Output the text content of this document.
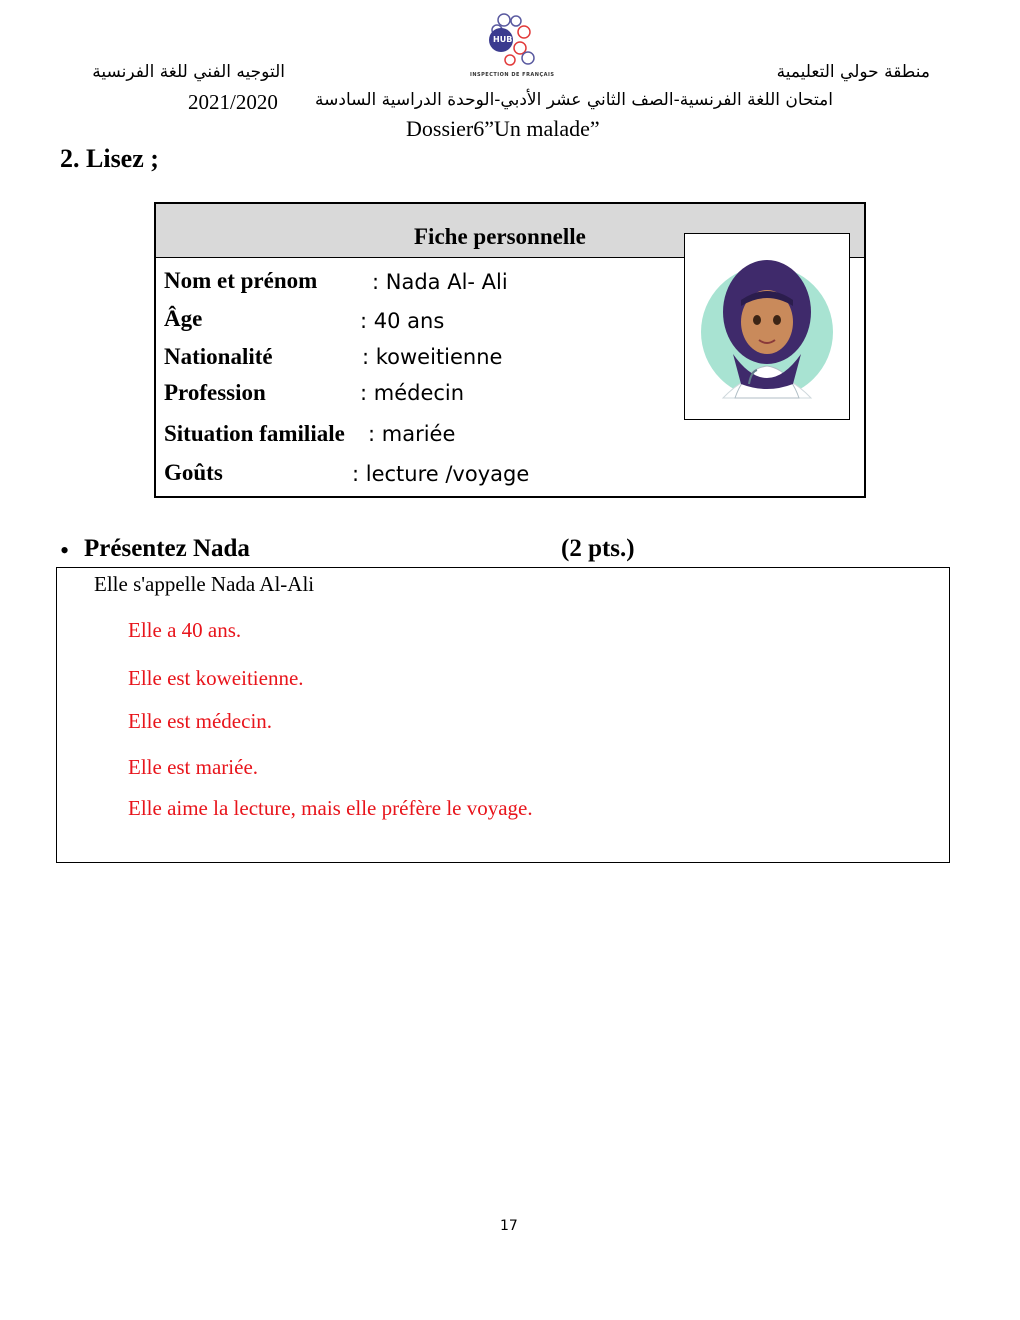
HUB
INSPECTION DE FRANÇAIS
التوجيه الفني للغة الفرنسية	منطقة حولي التعليمية
2021/2020 امتحان اللغة الفرنسية-الصف الثاني عشر الأدبي-الوحدة الدراسية السادسة
Dossier6”Un malade”
2. Lisez ;
Fiche personnelle
Nom et prénom	: Nada Al- Ali
Âge	: 40 ans
Nationalité	: koweitienne
Profession	: médecin
Situation familiale : mariée
Goûts	: lecture /voyage
• Présentez Nada	(2 pts.)
Elle s'appelle Nada Al-Ali
Elle a 40 ans.
Elle est koweitienne.
Elle est médecin.
Elle est mariée.
Elle aime la lecture, mais elle préfère le voyage.
17
